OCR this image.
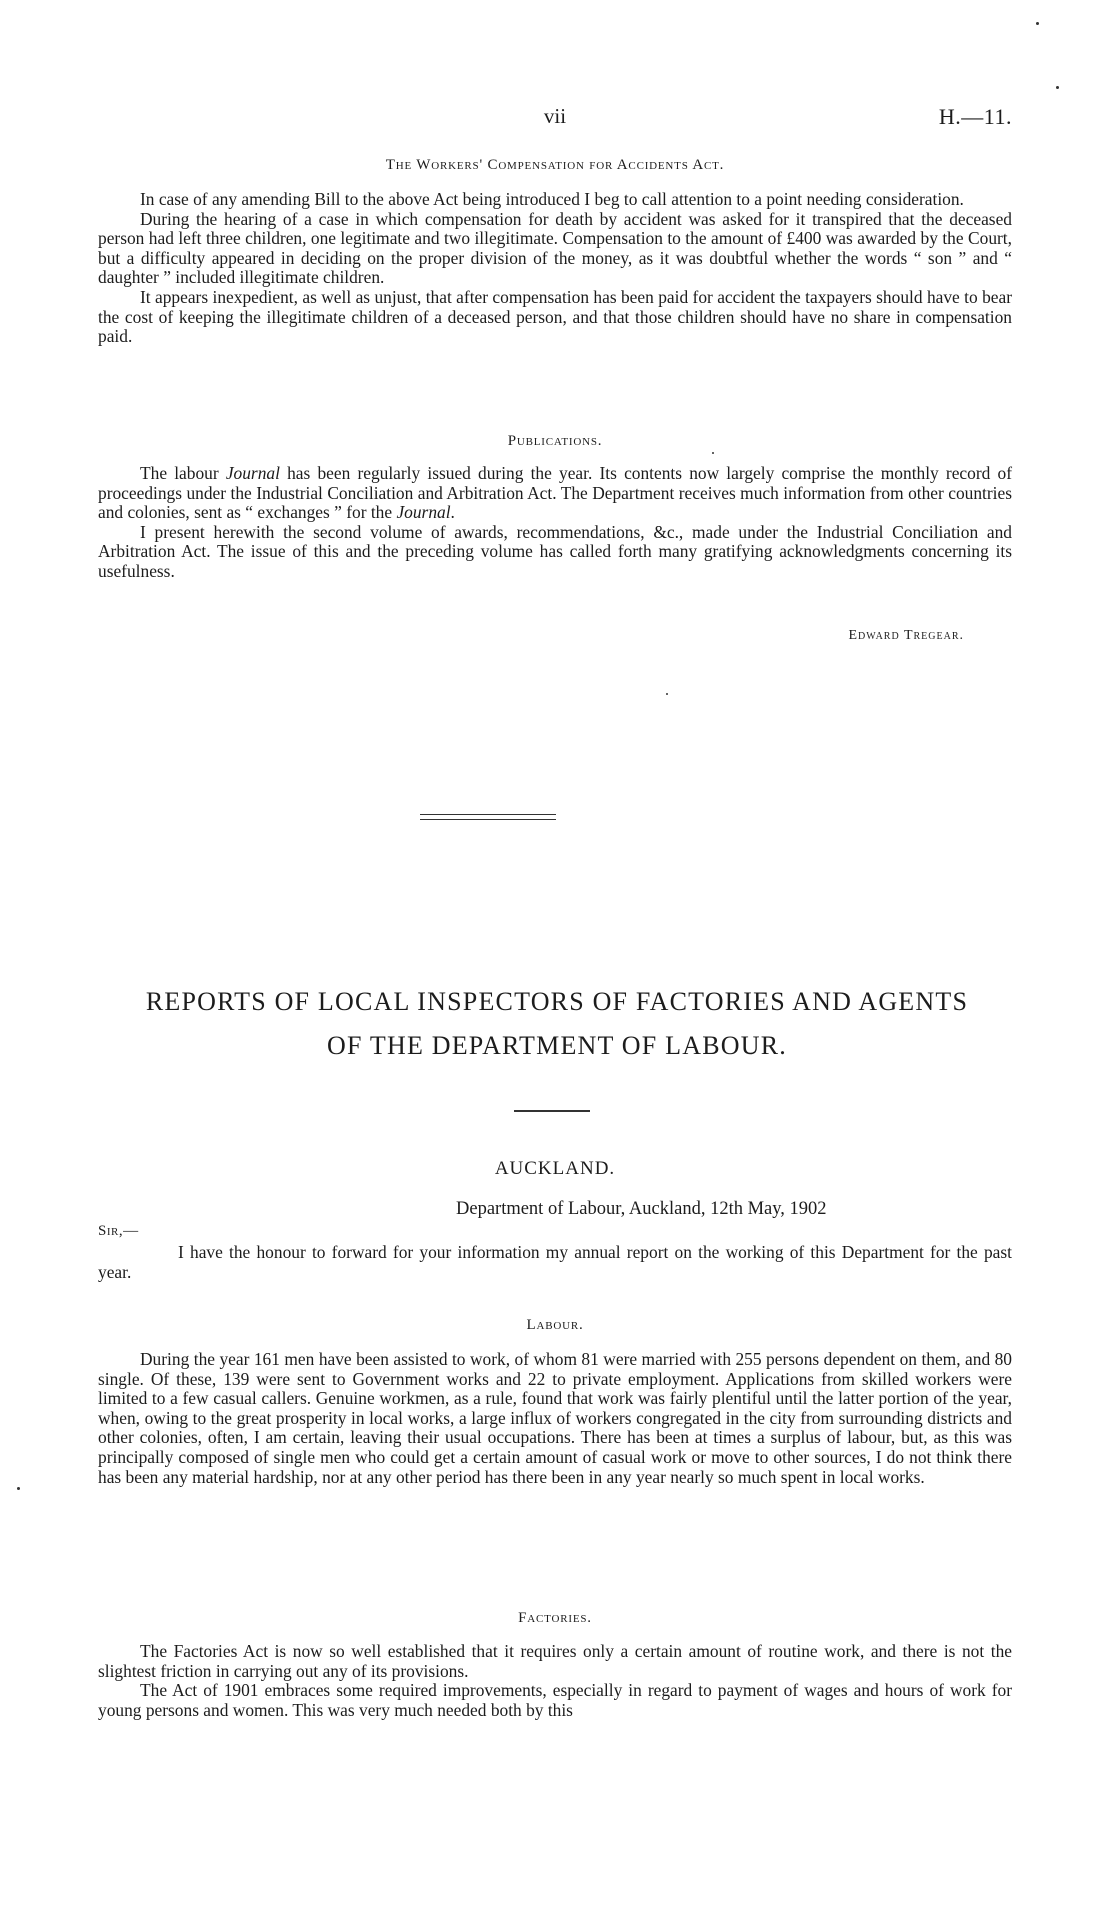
vii	H.—11.
The Workers' Compensation for Accidents Act.

In case of any amending Bill to the above Act being introduced I beg to call attention to a point needing consideration.

During the hearing of a case in which compensation for death by accident was asked for it transpired that the deceased person had left three children, one legitimate and two illegitimate. Compensation to the amount of £400 was awarded by the Court, but a difficulty appeared in deciding on the proper division of the money, as it was doubtful whether the words “ son ” and “ daughter ” included illegitimate children.

It appears inexpedient, as well as unjust, that after compensation has been paid for accident the taxpayers should have to bear the cost of keeping the illegitimate children of a deceased person, and that those children should have no share in compensation paid.

Publications.

The labour Journal has been regularly issued during the year. Its contents now largely comprise the monthly record of proceedings under the Industrial Conciliation and Arbitration Act. The Department receives much information from other countries and colonies, sent as “ exchanges ” for the Journal.

I present herewith the second volume of awards, recommendations, &c., made under the Industrial Conciliation and Arbitration Act. The issue of this and the preceding volume has called forth many gratifying acknowledgments concerning its usefulness.

Edward Tregear.
REPORTS OF LOCAL INSPECTORS OF FACTORIES AND AGENTS
OF THE DEPARTMENT OF LABOUR.
AUCKLAND.
Department of Labour, Auckland, 12th May, 1902
Sir,—

I have the honour to forward for your information my annual report on the working of this Department for the past year.

Labour.

During the year 161 men have been assisted to work, of whom 81 were married with 255 persons dependent on them, and 80 single. Of these, 139 were sent to Government works and 22 to private employment. Applications from skilled workers were limited to a few casual callers. Genuine workmen, as a rule, found that work was fairly plentiful until the latter portion of the year, when, owing to the great prosperity in local works, a large influx of workers congregated in the city from surrounding districts and other colonies, often, I am certain, leaving their usual occupations. There has been at times a surplus of labour, but, as this was principally composed of single men who could get a certain amount of casual work or move to other sources, I do not think there has been any material hardship, nor at any other period has there been in any year nearly so much spent in local works.

Factories.

The Factories Act is now so well established that it requires only a certain amount of routine work, and there is not the slightest friction in carrying out any of its provisions.

The Act of 1901 embraces some required improvements, especially in regard to payment of wages and hours of work for young persons and women. This was very much needed both by this
